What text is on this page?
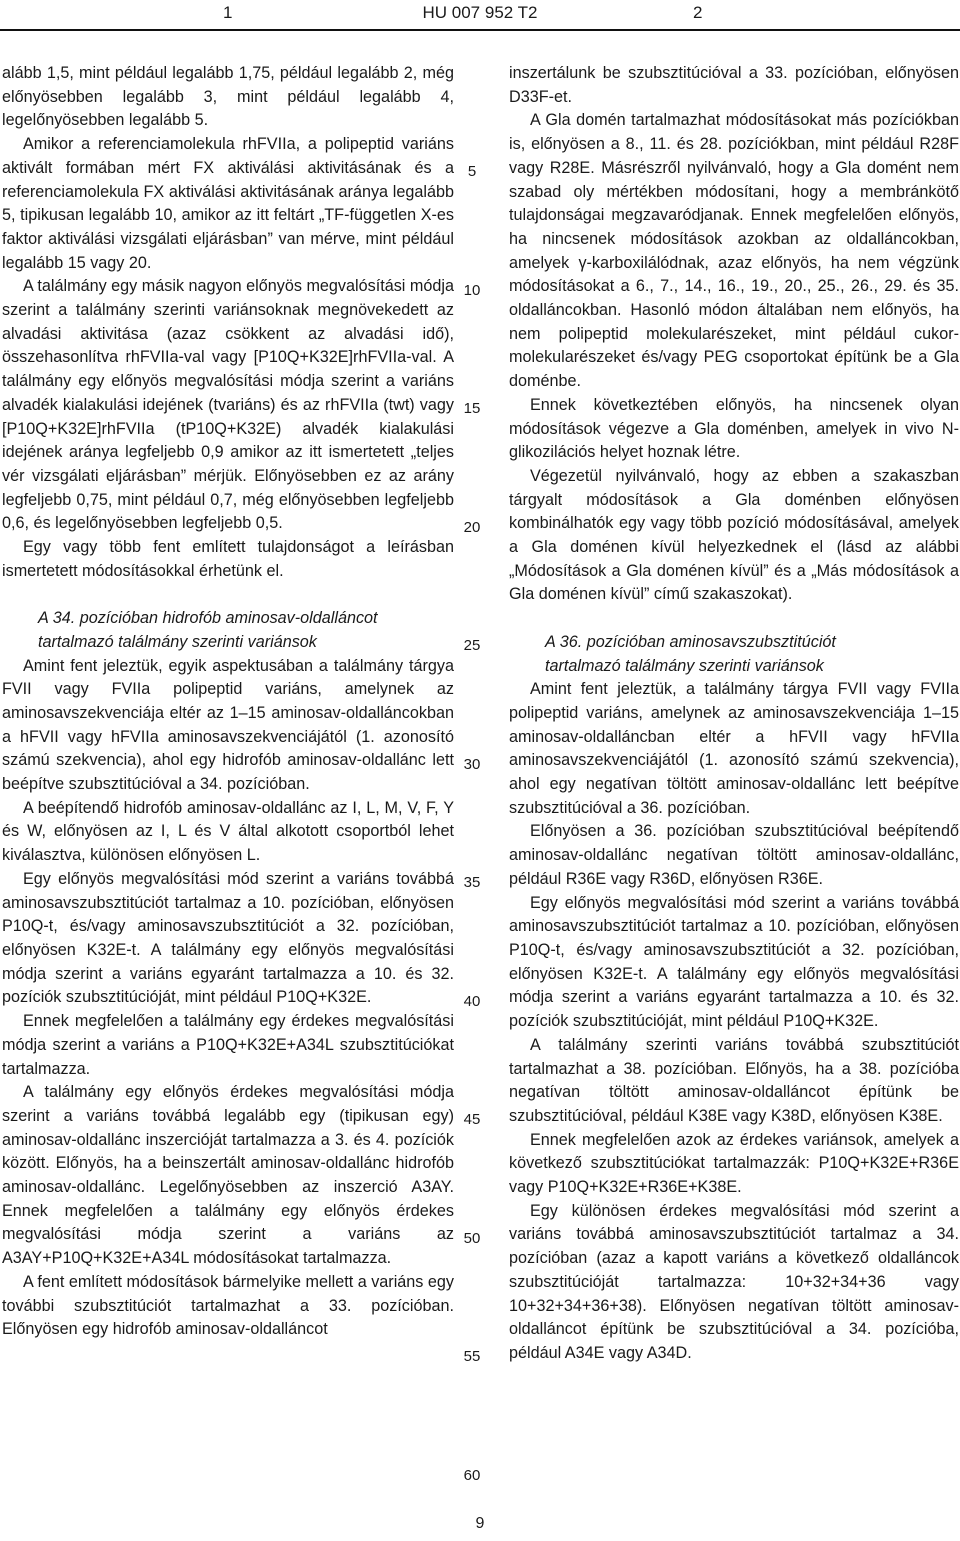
1	HU 007 952 T2	2

alább 1,5, mint például legalább 1,75, például legalább 2, még előnyösebben legalább 3, mint például legalább 4, legelőnyösebben legalább 5.

Amikor a referenciamolekula rhFVIIa, a polipeptid variáns aktivált formában mért FX aktiválási aktivitásának és a referenciamolekula FX aktiválási aktivitásának aránya legalább 5, tipikusan legalább 10, amikor az itt feltárt „TF-független X-es faktor aktiválási vizsgálati eljárásban” van mérve, mint például legalább 15 vagy 20.

A találmány egy másik nagyon előnyös megvalósítási módja szerint a találmány szerinti variánsoknak megnövekedett az alvadási aktivitása (azaz csökkent az alvadási idő), összehasonlítva rhFVIIa-val vagy [P10Q+K32E]rhFVIIa-val. A találmány egy előnyös megvalósítási módja szerint a variáns alvadék kialakulási idejének (tvariáns) és az rhFVIIa (twt) vagy [P10Q+K32E]rhFVIIa (tP10Q+K32E) alvadék kialakulási idejének aránya legfeljebb 0,9 amikor az itt ismertetett „teljes vér vizsgálati eljárásban” mérjük. Előnyösebben ez az arány legfeljebb 0,75, mint például 0,7, még előnyösebben legfeljebb 0,6, és legelőnyösebben legfeljebb 0,5.

Egy vagy több fent említett tulajdonságot a leírásban ismertetett módosításokkal érhetünk el.

A 34. pozícióban hidrofób aminosav-oldalláncot
tartalmazó találmány szerinti variánsok

Amint fent jeleztük, egyik aspektusában a találmány tárgya FVII vagy FVIIa polipeptid variáns, amelynek az aminosavszekvenciája eltér az 1–15 aminosav-oldalláncokban a hFVII vagy hFVIIa aminosavszekvenciájától (1. azonosító számú szekvencia), ahol egy hidrofób aminosav-oldallánc lett beépítve szubsztitúcióval a 34. pozícióban.

A beépítendő hidrofób aminosav-oldallánc az I, L, M, V, F, Y és W, előnyösen az I, L és V által alkotott csoportból lehet kiválasztva, különösen előnyösen L.

Egy előnyös megvalósítási mód szerint a variáns továbbá aminosavszubsztitúciót tartalmaz a 10. pozícióban, előnyösen P10Q-t, és/vagy aminosavszubsztitúciót a 32. pozícióban, előnyösen K32E-t. A találmány egy előnyös megvalósítási módja szerint a variáns egyaránt tartalmazza a 10. és 32. pozíciók szubsztitúcióját, mint például P10Q+K32E.

Ennek megfelelően a találmány egy érdekes megvalósítási módja szerint a variáns a P10Q+K32E+A34L szubsztitúciókat tartalmazza.

A találmány egy előnyös érdekes megvalósítási módja szerint a variáns továbbá legalább egy (tipikusan egy) aminosav-oldallánc inszercióját tartalmazza a 3. és 4. pozíciók között. Előnyös, ha a beinszertált aminosav-oldallánc hidrofób aminosav-oldallánc. Legelőnyösebben az inszerció A3AY. Ennek megfelelően a találmány egy előnyös érdekes megvalósítási módja szerint a variáns az A3AY+P10Q+K32E+A34L módosításokat tartalmazza.

A fent említett módosítások bármelyike mellett a variáns egy további szubsztitúciót tartalmazhat a 33. pozícióban. Előnyösen egy hidrofób aminosav-oldalláncot

inszertálunk be szubsztitúcióval a 33. pozícióban, előnyösen D33F-et.

A Gla domén tartalmazhat módosításokat más pozíciókban is, előnyösen a 8., 11. és 28. pozíciókban, mint például R28F vagy R28E. Másrészről nyilvánvaló, hogy a Gla domént nem szabad oly mértékben módosítani, hogy a membránkötő tulajdonságai megzavaródjanak. Ennek megfelelően előnyös, ha nincsenek módosítások azokban az oldalláncokban, amelyek γ-karboxilálódnak, azaz előnyös, ha nem végzünk módosításokat a 6., 7., 14., 16., 19., 20., 25., 26., 29. és 35. oldalláncokban. Hasonló módon általában nem előnyös, ha nem polipeptid molekularészeket, mint például cukor-molekularészeket és/vagy PEG csoportokat építünk be a Gla doménbe.

Ennek következtében előnyös, ha nincsenek olyan módosítások végezve a Gla doménben, amelyek in vivo N-glikozilációs helyet hoznak létre.

Végezetül nyilvánvaló, hogy az ebben a szakaszban tárgyalt módosítások a Gla doménben előnyösen kombinálhatók egy vagy több pozíció módosításával, amelyek a Gla doménen kívül helyezkednek el (lásd az alábbi „Módosítások a Gla doménen kívül” és a „Más módosítások a Gla doménen kívül” című szakaszokat).

A 36. pozícióban aminosavszubsztitúciót
tartalmazó találmány szerinti variánsok

Amint fent jeleztük, a találmány tárgya FVII vagy FVIIa polipeptid variáns, amelynek az aminosavszekvenciája 1–15 aminosav-oldalláncban eltér a hFVII vagy hFVIIa aminosavszekvenciájától (1. azonosító számú szekvencia), ahol egy negatívan töltött aminosav-oldallánc lett beépítve szubsztitúcióval a 36. pozícióban.

Előnyösen a 36. pozícióban szubsztitúcióval beépítendő aminosav-oldallánc negatívan töltött aminosav-oldallánc, például R36E vagy R36D, előnyösen R36E.

Egy előnyös megvalósítási mód szerint a variáns továbbá aminosavszubsztitúciót tartalmaz a 10. pozícióban, előnyösen P10Q-t, és/vagy aminosavszubsztitúciót a 32. pozícióban, előnyösen K32E-t. A találmány egy előnyös megvalósítási módja szerint a variáns egyaránt tartalmazza a 10. és 32. pozíciók szubsztitúcióját, mint például P10Q+K32E.

A találmány szerinti variáns továbbá szubsztitúciót tartalmazhat a 38. pozícióban. Előnyös, ha a 38. pozícióba negatívan töltött aminosav-oldalláncot építünk be szubsztitúcióval, például K38E vagy K38D, előnyösen K38E.

Ennek megfelelően azok az érdekes variánsok, amelyek a következő szubsztitúciókat tartalmazzák: P10Q+K32E+R36E vagy P10Q+K32E+R36E+K38E.

Egy különösen érdekes megvalósítási mód szerint a variáns továbbá aminosavszubsztitúciót tartalmaz a 34. pozícióban (azaz a kapott variáns a következő oldalláncok szubsztitúcióját tartalmazza: 10+32+34+36 vagy 10+32+34+36+38). Előnyösen negatívan töltött aminosav-oldalláncot építünk be szubsztitúcióval a 34. pozícióba, például A34E vagy A34D.

5
10
15
20
25
30
35
40
45
50
55
60
9
